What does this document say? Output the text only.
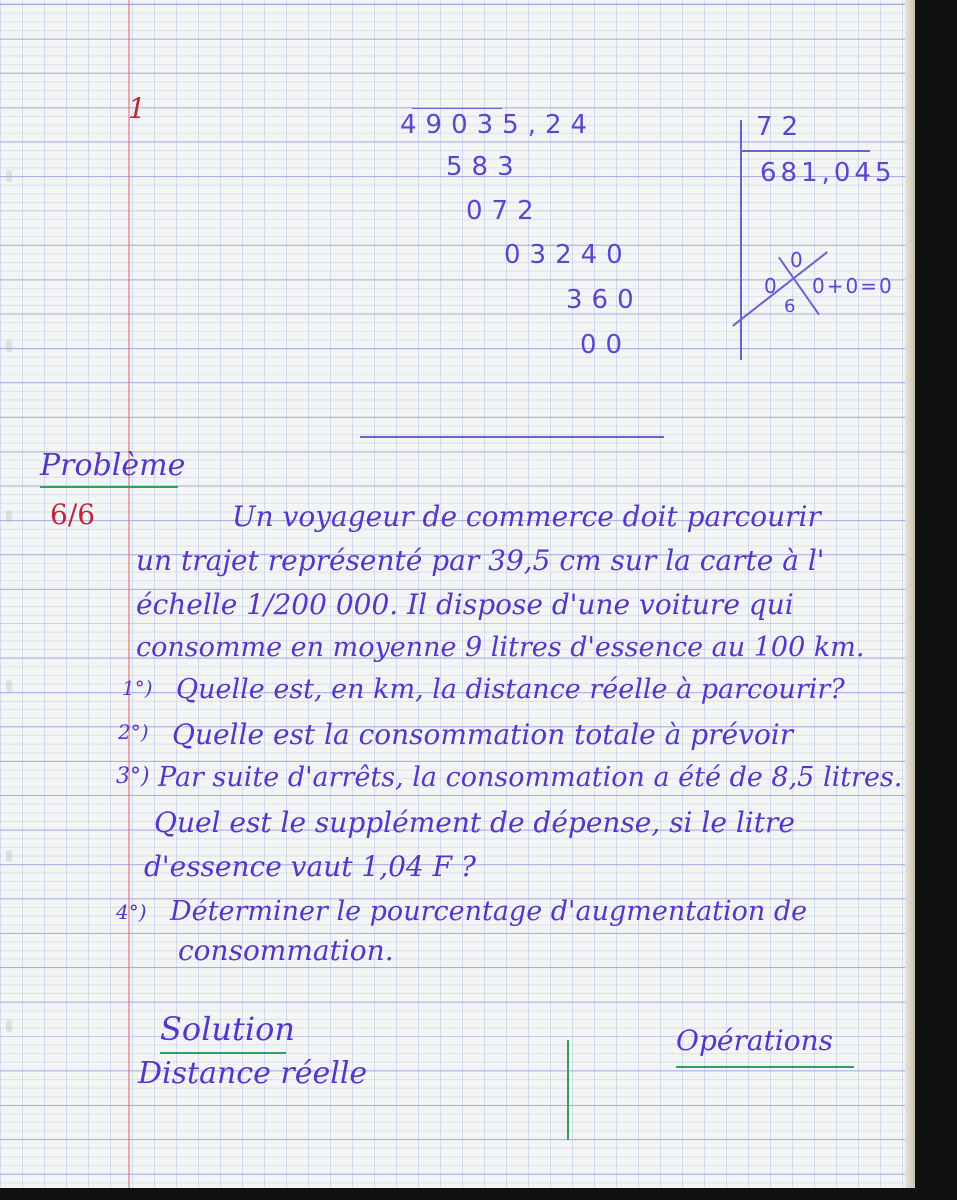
1	49035,24
583
072
03240
360
00
72
681,045
0
0 0+0=0
6
Problème
6/6	Un voyageur de commerce doit parcourir
un trajet représenté par 39,5 cm sur la carte à l'
échelle 1/200 000. Il dispose d'une voiture qui
consomme en moyenne 9 litres d'essence au 100 km.
1°) Quelle est, en km, la distance réelle à parcourir?
2°) Quelle est la consommation totale à prévoir
3°) Par suite d'arrêts, la consommation a été de 8,5 litres.
Quel est le supplément de dépense, si le litre
d'essence vaut 1,04 F ?
4°) Déterminer le pourcentage d'augmentation de
consommation.
Solution
Distance réelle
Opérations
